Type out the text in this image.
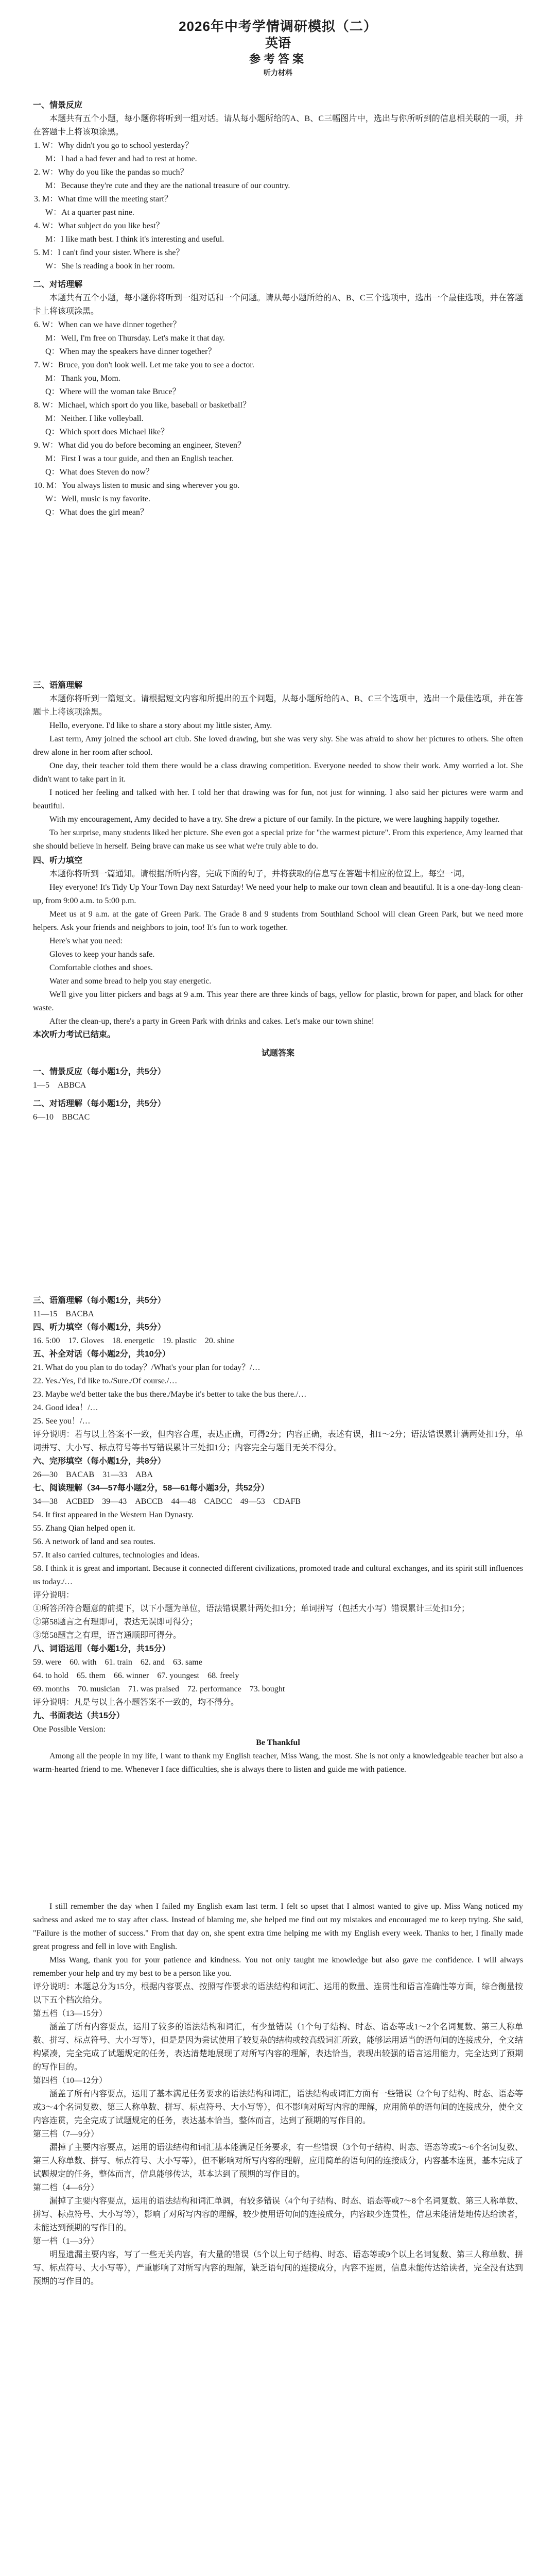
2026年中考学情调研模拟（二）
英语
参考答案
听力材料
一、情景反应
本题共有五个小题，每小题你将听到一组对话。请从每小题所给的A、B、C三幅图片中，选出与你所听到的信息相关联的一项，并在答题卡上将该项涂黑。
1. W：Why didn't you go to school yesterday？
M：I had a bad fever and had to rest at home.
2. W：Why do you like the pandas so much？
M：Because they're cute and they are the national treasure of our country.
3. M：What time will the meeting start？
W：At a quarter past nine.
4. W：What subject do you like best？
M：I like math best. I think it's interesting and useful.
5. M：I can't find your sister. Where is she？
W：She is reading a book in her room.
二、对话理解
本题共有五个小题，每小题你将听到一组对话和一个问题。请从每小题所给的A、B、C三个选项中，选出一个最佳选项，并在答题卡上将该项涂黑。
6. W：When can we have dinner together？
M：Well, I'm free on Thursday. Let's make it that day.
Q：When may the speakers have dinner together？
7. W：Bruce, you don't look well. Let me take you to see a doctor.
M：Thank you, Mom.
Q：Where will the woman take Bruce？
8. W：Michael, which sport do you like, baseball or basketball？
M：Neither. I like volleyball.
Q：Which sport does Michael like？
9. W：What did you do before becoming an engineer, Steven？
M：First I was a tour guide, and then an English teacher.
Q：What does Steven do now？
10. M：You always listen to music and sing wherever you go.
W：Well, music is my favorite.
Q：What does the girl mean？
三、语篇理解
本题你将听到一篇短文。请根据短文内容和所提出的五个问题，从每小题所给的A、B、C三个选项中，选出一个最佳选项，并在答题卡上将该项涂黑。
Hello, everyone. I'd like to share a story about my little sister, Amy.
Last term, Amy joined the school art club. She loved drawing, but she was very shy. She was afraid to show her pictures to others. She often drew alone in her room after school.
One day, their teacher told them there would be a class drawing competition. Everyone needed to show their work. Amy worried a lot. She didn't want to take part in it.
I noticed her feeling and talked with her. I told her that drawing was for fun, not just for winning. I also said her pictures were warm and beautiful.
With my encouragement, Amy decided to have a try. She drew a picture of our family. In the picture, we were laughing happily together.
To her surprise, many students liked her picture. She even got a special prize for "the warmest picture". From this experience, Amy learned that she should believe in herself. Being brave can make us see what we're truly able to do.
四、听力填空
本题你将听到一篇通知。请根据所听内容，完成下面的句子，并将获取的信息写在答题卡相应的位置上。每空一词。
Hey everyone! It's Tidy Up Your Town Day next Saturday! We need your help to make our town clean and beautiful. It is a one-day-long clean-up, from 9:00 a.m. to 5:00 p.m.
Meet us at 9 a.m. at the gate of Green Park. The Grade 8 and 9 students from Southland School will clean Green Park, but we need more helpers. Ask your friends and neighbors to join, too! It's fun to work together.
Here's what you need:
Gloves to keep your hands safe.
Comfortable clothes and shoes.
Water and some bread to help you stay energetic.
We'll give you litter pickers and bags at 9 a.m. This year there are three kinds of bags, yellow for plastic, brown for paper, and black for other waste.
After the clean-up, there's a party in Green Park with drinks and cakes. Let's make our town shine!
本次听力考试已结束。
试题答案
一、情景反应（每小题1分，共5分）
1—5　ABBCA
二、对话理解（每小题1分，共5分）
6—10　BBCAC
三、语篇理解（每小题1分，共5分）
11—15　BACBA
四、听力填空（每小题1分，共5分）
16. 5:00　17. Gloves　18. energetic　19. plastic　20. shine
五、补全对话（每小题2分，共10分）
21. What do you plan to do today？/What's your plan for today？/…
22. Yes./Yes, I'd like to./Sure./Of course./…
23. Maybe we'd better take the bus there./Maybe it's better to take the bus there./…
24. Good idea！/…
25. See you！/…
评分说明：若与以上答案不一致，但内容合理，表达正确，可得2分；内容正确，表述有误，扣1～2分；语法错误累计满两处扣1分，单词拼写、大小写、标点符号等书写错误累计三处扣1分；内容完全与题目无关不得分。
六、完形填空（每小题1分，共8分）
26—30　BACAB　31—33　ABA
七、阅读理解（34—57每小题2分，58—61每小题3分，共52分）
34—38　ACBED　39—43　ABCCB　44—48　CABCC　49—53　CDAFB
54. It first appeared in the Western Han Dynasty.
55. Zhang Qian helped open it.
56. A network of land and sea routes.
57. It also carried cultures, technologies and ideas.
58. I think it is great and important. Because it connected different civilizations, promoted trade and cultural exchanges, and its spirit still influences us today./…
评分说明：
①所答所符合题意的前提下，以下小题为单位，语法错误累计两处扣1分；单词拼写（包括大小写）错误累计三处扣1分；
②第58题言之有理即可，表达无误即可得分；
③第58题言之有理，语言通顺即可得分。
八、词语运用（每小题1分，共15分）
59. were　60. with　61. train　62. and　63. same
64. to hold　65. them　66. winner　67. youngest　68. freely
69. months　70. musician　71. was praised　72. performance　73. bought
评分说明：凡是与以上各小题答案不一致的，均不得分。
九、书面表达（共15分）
One Possible Version:
Be Thankful
Among all the people in my life, I want to thank my English teacher, Miss Wang, the most. She is not only a knowledgeable teacher but also a warm-hearted friend to me. Whenever I face difficulties, she is always there to listen and guide me with patience.
I still remember the day when I failed my English exam last term. I felt so upset that I almost wanted to give up. Miss Wang noticed my sadness and asked me to stay after class. Instead of blaming me, she helped me find out my mistakes and encouraged me to keep trying. She said, "Failure is the mother of success." From that day on, she spent extra time helping me with my English every week. Thanks to her, I finally made great progress and fell in love with English.
Miss Wang, thank you for your patience and kindness. You not only taught me knowledge but also gave me confidence. I will always remember your help and try my best to be a person like you.
评分说明：本题总分为15分，根据内容要点、按照写作要求的语法结构和词汇、运用的数量、连贯性和语言准确性等方面，综合衡量按以下五个档次给分。
第五档（13—15分）
涵盖了所有内容要点，运用了较多的语法结构和词汇，有少量错误（1个句子结构、时态、语态等或1～2个名词复数、第三人称单数、拼写、标点符号、大小写等），但是是因为尝试使用了较复杂的结构或较高级词汇所致，能够运用适当的语句间的连接成分，全文结构紧凑，完全完成了试题规定的任务，表达清楚地展现了对所写内容的理解，表达恰当，表现出较强的语言运用能力，完全达到了预期的写作目的。
第四档（10—12分）
涵盖了所有内容要点，运用了基本满足任务要求的语法结构和词汇，语法结构或词汇方面有一些错误（2个句子结构、时态、语态等或3～4个名词复数、第三人称单数、拼写、标点符号、大小写等），但不影响对所写内容的理解，应用简单的语句间的连接成分，使全文内容连贯，完全完成了试题规定的任务，表达基本恰当，整体而言，达到了预期的写作目的。
第三档（7—9分）
漏掉了主要内容要点，运用的语法结构和词汇基本能满足任务要求，有一些错误（3个句子结构、时态、语态等或5～6个名词复数、第三人称单数、拼写、标点符号、大小写等），但不影响对所写内容的理解，应用简单的语句间的连接成分，内容基本连贯，基本完成了试题规定的任务，整体而言，信息能够传达，基本达到了预期的写作目的。
第二档（4—6分）
漏掉了主要内容要点，运用的语法结构和词汇单调，有较多错误（4个句子结构、时态、语态等或7～8个名词复数、第三人称单数、拼写、标点符号、大小写等），影响了对所写内容的理解，较少使用语句间的连接成分，内容缺少连贯性，信息未能清楚地传达给读者，未能达到预期的写作目的。
第一档（1—3分）
明显遗漏主要内容，写了一些无关内容，有大量的错误（5个以上句子结构、时态、语态等或9个以上名词复数、第三人称单数、拼写、标点符号、大小写等），严重影响了对所写内容的理解，缺乏语句间的连接成分，内容不连贯，信息未能传达给读者，完全没有达到预期的写作目的。
